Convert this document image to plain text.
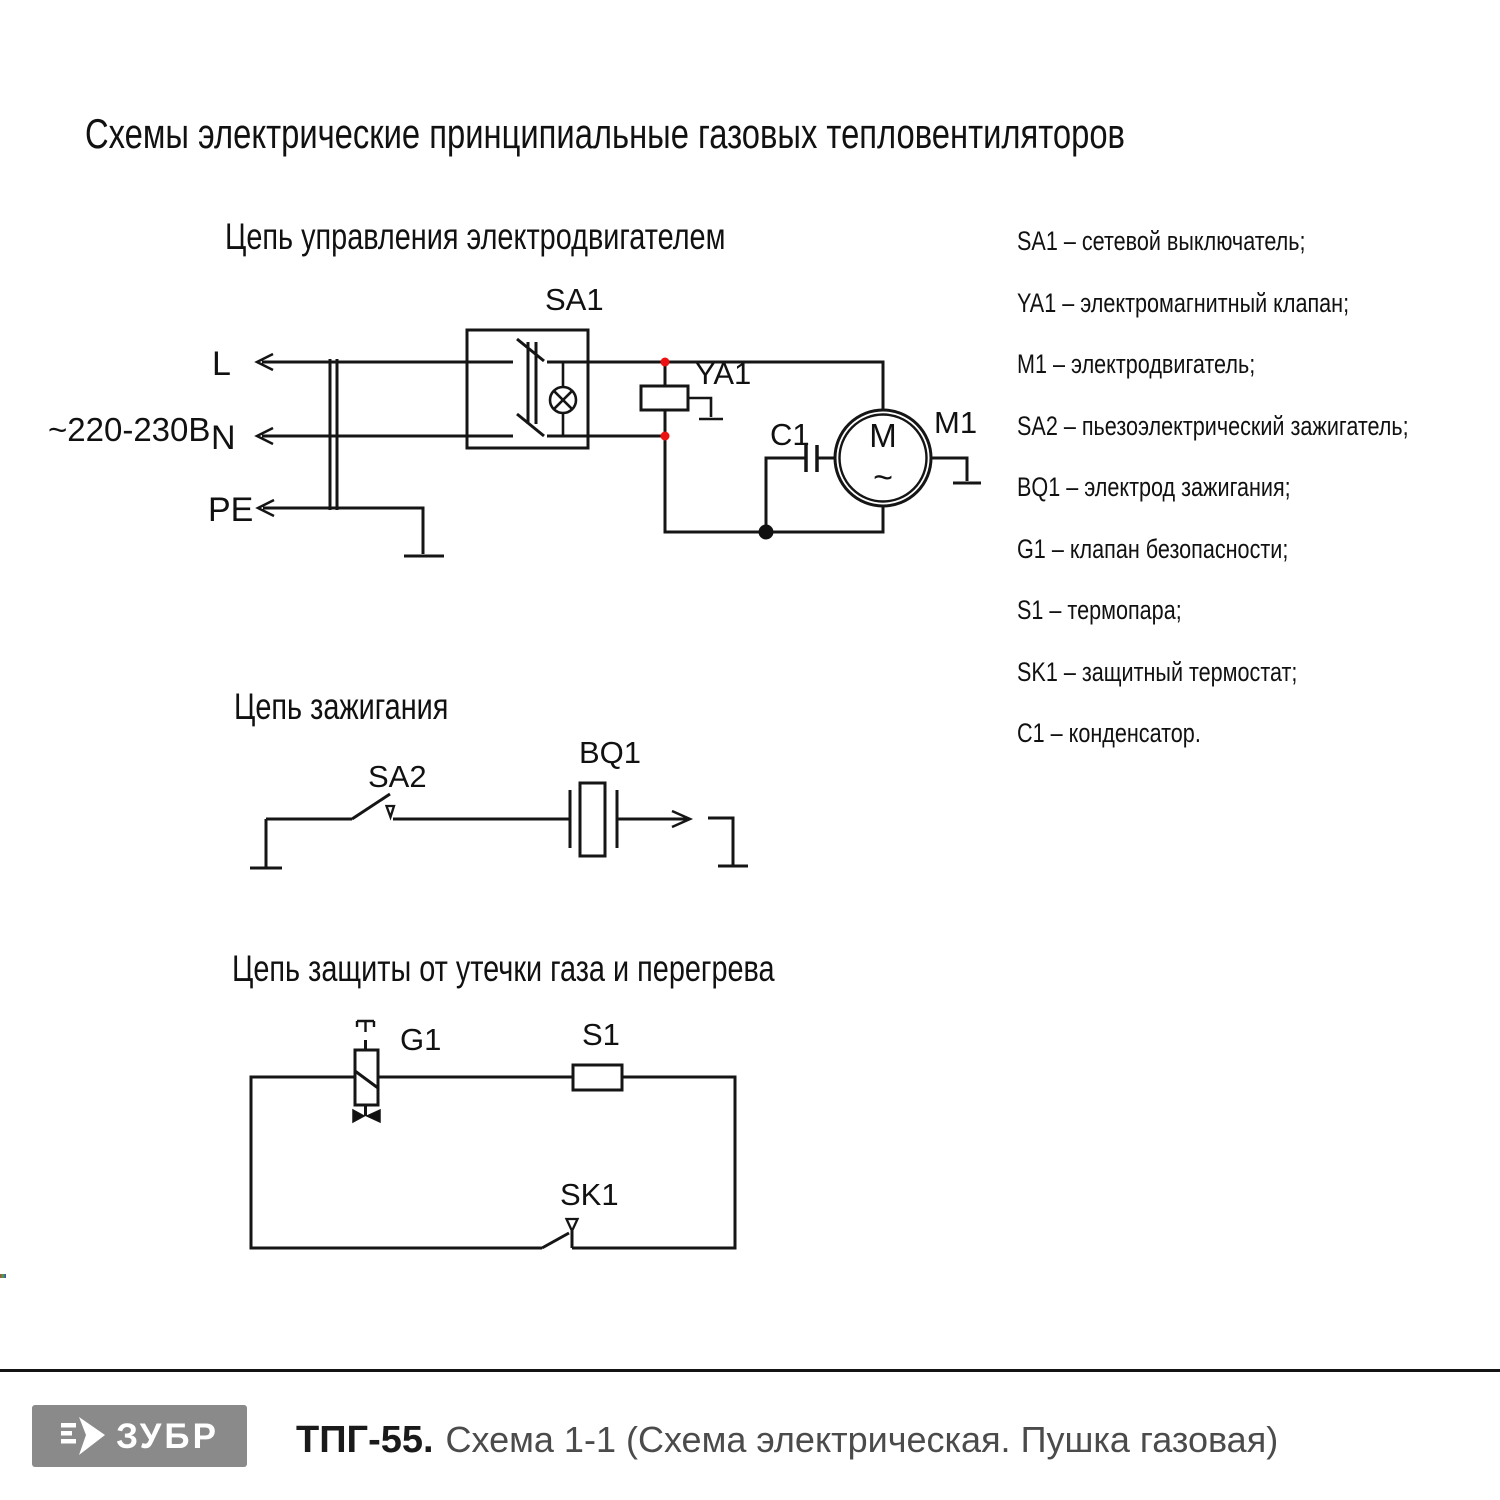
L
N
PE
~220-230В
SA1
YA1
C1	M1
M
~
SA2
BQ1
G1	S1
SK1
Схемы электрические принципиальные газовых тепловентиляторов
Цепь управления электродвигателем
Цепь зажигания
Цепь защиты от утечки газа и перегрева
SA1 – сетевой выключатель;
YA1 – электромагнитный клапан;
M1 – электродвигатель;
SA2 – пьезоэлектрический зажигатель;
BQ1 – электрод зажигания;
G1 – клапан безопасности;
S1 – термопара;
SK1 – защитный термостат;
C1 – конденсатор.
ЗУБР ТПГ-55. Схема 1-1 (Схема электрическая. Пушка газовая)
